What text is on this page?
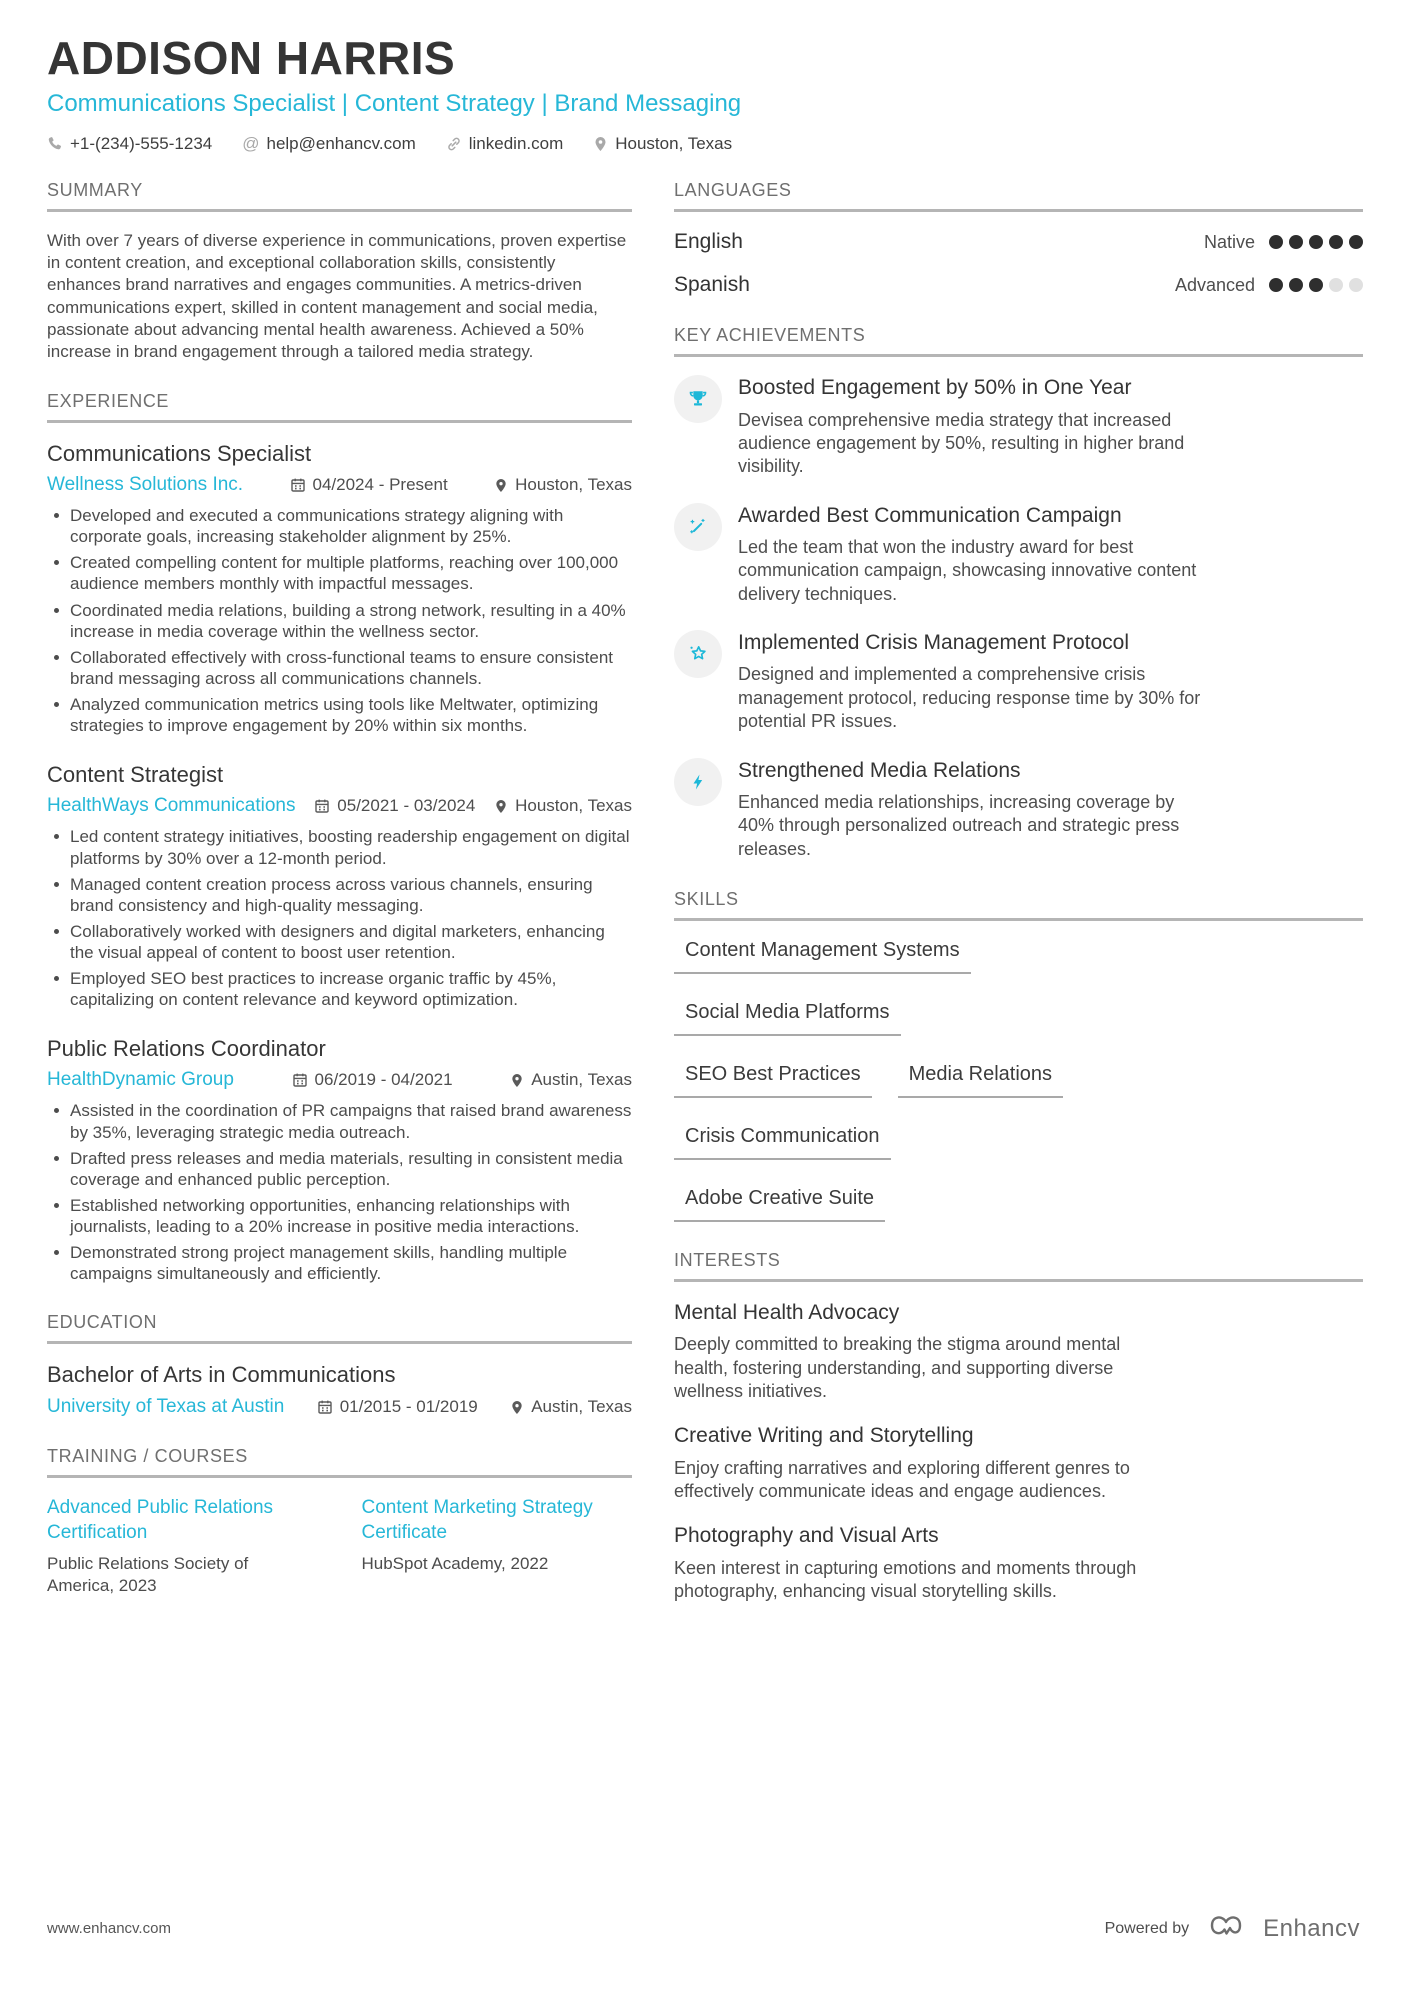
ADDISON HARRIS
Communications Specialist | Content Strategy | Brand Messaging
+1-(234)-555-1234 @ help@enhancv.com	linkedin.com	Houston, Texas
SUMMARY

With over 7 years of diverse experience in communications, proven expertise in content creation, and exceptional collaboration skills, consistently enhances brand narratives and engages communities. A metrics-driven communications expert, skilled in content management and social media, passionate about advancing mental health awareness. Achieved a 50% increase in brand engagement through a tailored media strategy.

EXPERIENCE
Communications Specialist
Wellness Solutions Inc.	04/2024 - Present	Houston, Texas
Developed and executed a communications strategy aligning with corporate goals, increasing stakeholder alignment by 25%.
Created compelling content for multiple platforms, reaching over 100,000 audience members monthly with impactful messages.
Coordinated media relations, building a strong network, resulting in a 40% increase in media coverage within the wellness sector.
Collaborated effectively with cross-functional teams to ensure consistent brand messaging across all communications channels.
Analyzed communication metrics using tools like Meltwater, optimizing strategies to improve engagement by 20% within six months.
Content Strategist
HealthWays Communications 05/2021 - 03/2024 Houston, Texas
Led content strategy initiatives, boosting readership engagement on digital platforms by 30% over a 12-month period.
Managed content creation process across various channels, ensuring brand consistency and high-quality messaging.
Collaboratively worked with designers and digital marketers, enhancing the visual appeal of content to boost user retention.
Employed SEO best practices to increase organic traffic by 45%, capitalizing on content relevance and keyword optimization.
Public Relations Coordinator
HealthDynamic Group	06/2019 - 04/2021	Austin, Texas
Assisted in the coordination of PR campaigns that raised brand awareness by 35%, leveraging strategic media outreach.
Drafted press releases and media materials, resulting in consistent media coverage and enhanced public perception.
Established networking opportunities, enhancing relationships with journalists, leading to a 20% increase in positive media interactions.
Demonstrated strong project management skills, handling multiple campaigns simultaneously and efficiently.
EDUCATION
Bachelor of Arts in Communications
University of Texas at Austin	01/2015 - 01/2019	Austin, Texas
TRAINING / COURSES
Advanced Public Relations Certification
Public Relations Society of America, 2023
Content Marketing Strategy Certificate
HubSpot Academy, 2022
LANGUAGES
English	Native
Spanish	Advanced
KEY ACHIEVEMENTS
Boosted Engagement by 50% in One Year
Devisea comprehensive media strategy that increased audience engagement by 50%, resulting in higher brand visibility.
Awarded Best Communication Campaign
Led the team that won the industry award for best communication campaign, showcasing innovative content delivery techniques.
Implemented Crisis Management Protocol
Designed and implemented a comprehensive crisis management protocol, reducing response time by 30% for potential PR issues.
Strengthened Media Relations
Enhanced media relationships, increasing coverage by 40% through personalized outreach and strategic press releases.
SKILLS
Content Management Systems
Social Media Platforms
SEO Best Practices	Media Relations
Crisis Communication
Adobe Creative Suite
INTERESTS
Mental Health Advocacy
Deeply committed to breaking the stigma around mental health, fostering understanding, and supporting diverse wellness initiatives.
Creative Writing and Storytelling
Enjoy crafting narratives and exploring different genres to effectively communicate ideas and engage audiences.
Photography and Visual Arts
Keen interest in capturing emotions and moments through photography, enhancing visual storytelling skills.
www.enhancv.com	Powered by	Enhancv
